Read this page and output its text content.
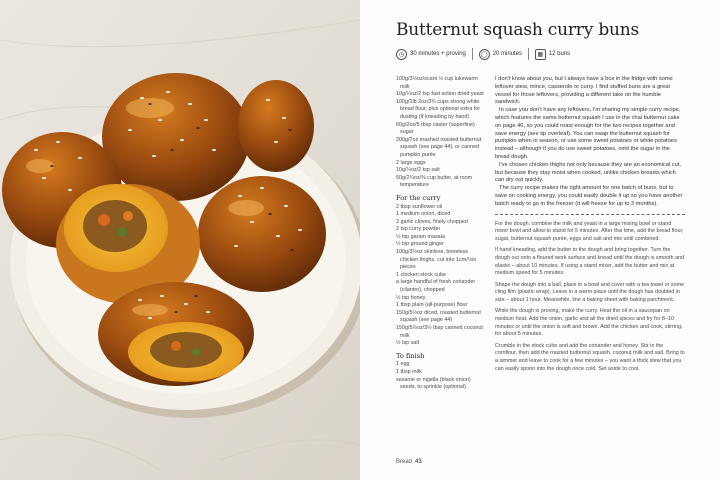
Butternut squash curry buns
◷ 30 minutes + proving	◯ 20 minutes	▦ 12 buns

100g/3½oz/scant ½ cup lukewarm milk

10g/¼oz/2 tsp fast action dried yeast

100g/1lb 2oz/3¾ cups strong white bread flour, plus optional extra for dusting (if kneading by hand)

60g/2oz/5 tbsp caster (superfine) sugar

200g/7oz mashed roasted butternut squash (see page 44), or canned pumpkin purée

2 large eggs

10g/¼oz/2 tsp salt

50g/2¼oz/⅜ cup butter, at room temperature

For the curry

2 tbsp sunflower oil

1 medium onion, diced

2 garlic cloves, finely chopped

2 tsp curry powder

½ tsp garam masala

½ tsp ground ginger

100g/3½oz skinless, boneless chicken thighs, cut into 1cm/½in pieces

1 chicken stock cube

a large handful of fresh coriander (cilantro), chopped

½ tsp honey

1 tbsp plain (all-purpose) flour

150g/5½oz diced, roasted butternut squash (see page 44)

150g/5½oz/3½ tbsp canned coconut milk

½ tsp salt

To finish

1 egg

1 tbsp milk

sesame or nigella (black onion) seeds, to sprinkle (optional)

I don't know about you, but I always have a box in the fridge with some leftover stew, mince, casserole or curry. I find stuffed buns are a great vessel for those leftovers, providing a different take on the humble sandwich.

In case you don't have any leftovers, I'm sharing my simple curry recipe, which features the same butternut squash I use in the chai butternut cake on page 46, so you could roast enough for the two recipes together and save energy (see tip overleaf). You can swap the butternut squash for pumpkin when in season, or use some sweet potatoes or white potatoes instead – although if you do use sweet potatoes, omit the sugar in the bread dough.

I've chosen chicken thighs not only because they are an economical cut, but because they stay moist when cooked, unlike chicken breasts which can dry out quickly.

The curry recipe makes the right amount for one batch of buns, but to save on cooking energy, you could easily double it up so you have another batch ready to go in the freezer (it will freeze for up to 3 months).

For the dough, combine the milk and yeast in a large mixing bowl or stand mixer bowl and allow to stand for 5 minutes. After this time, add the bread flour, sugar, butternut squash purée, eggs and salt and mix until combined.

If hand kneading, add the butter to the dough and bring together. Turn the dough out onto a floured work surface and knead until the dough is smooth and elastic – about 10 minutes. If using a stand mixer, add the butter and mix at medium speed for 5 minutes.

Shape the dough into a ball, place in a bowl and cover with a tea towel or some cling film (plastic wrap). Leave in a warm place until the dough has doubled in size – about 1 hour. Meanwhile, line a baking sheet with baking parchment.

While the dough is proving, make the curry. Heat the oil in a saucepan on medium heat. Add the onion, garlic and all the dried spices and fry for 8–10 minutes or until the onion is soft and brown. Add the chicken and cook, stirring, for about 5 minutes.

Crumble in the stock cube and add the coriander and honey. Stir in the cornflour, then add the roasted butternut squash, coconut milk and salt. Bring to a simmer and leave to cook for a few minutes – you want a thick stew that you can easily spoon into the dough once cold. Set aside to cool.

Bread 43
